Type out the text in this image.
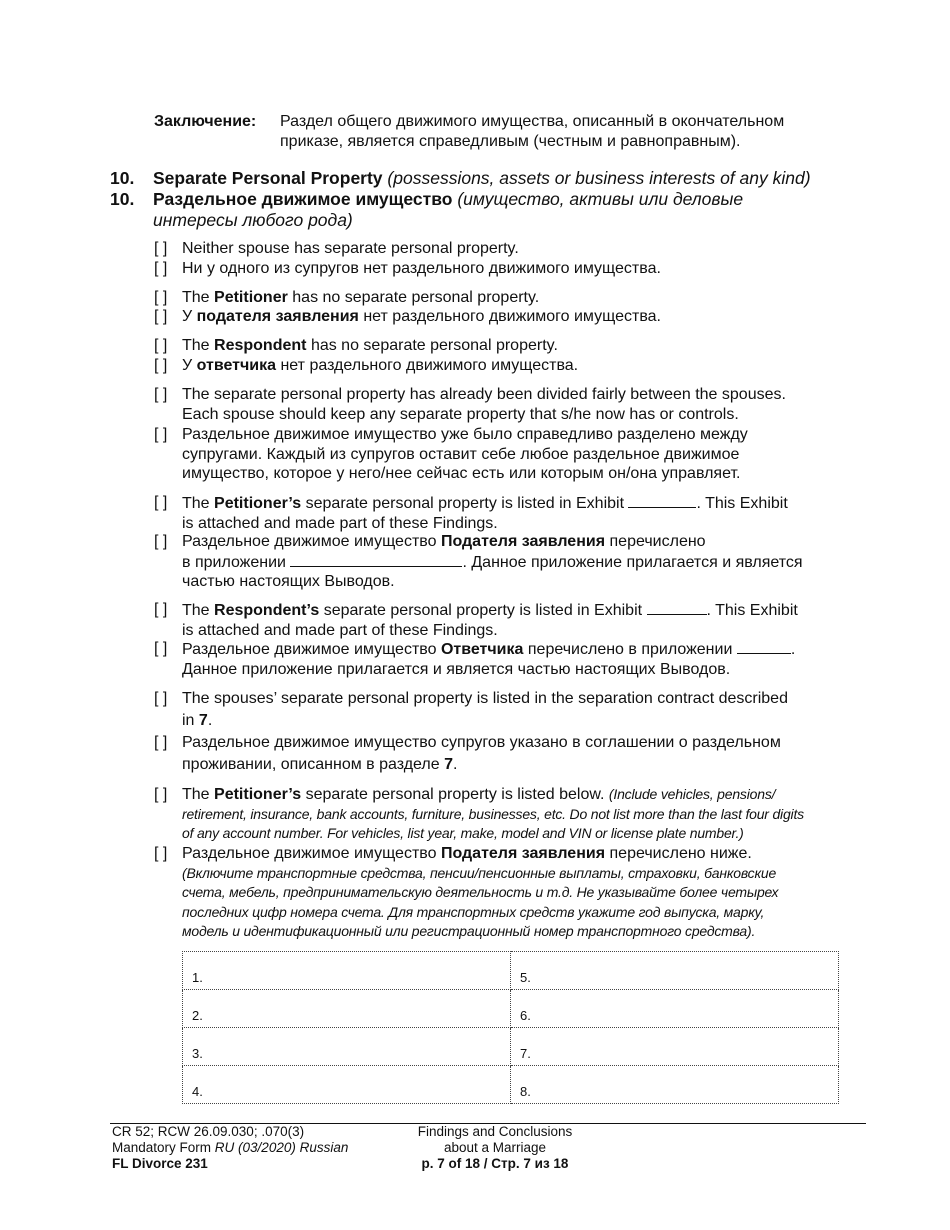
Заключение: Раздел общего движимого имущества, описанный в окончательном
приказе, является справедливым (честным и равноправным).
10. Separate Personal Property (possessions, assets or business interests of any kind)
10. Раздельное движимое имущество (имущество, активы или деловые
интересы любого рода)
[ ] Neither spouse has separate personal property.
[ ] Ни у одного из супругов нет раздельного движимого имущества.
[ ] The Petitioner has no separate personal property.
[ ] У подателя заявления нет раздельного движимого имущества.
[ ] The Respondent has no separate personal property.
[ ] У ответчика нет раздельного движимого имущества.
[ ] The separate personal property has already been divided fairly between the spouses.
Each spouse should keep any separate property that s/he now has or controls.
[ ] Раздельное движимое имущество уже было справедливо разделено между
супругами. Каждый из супругов оставит себе любое раздельное движимое
имущество, которое у него/нее сейчас есть или которым он/она управляет.
[ ] The Petitioner’s separate personal property is listed in Exhibit	. This Exhibit
is attached and made part of these Findings.
[ ] Раздельное движимое имущество Подателя заявления перечислено
в приложении	. Данное приложение прилагается и является
частью настоящих Выводов.
[ ] The Respondent’s separate personal property is listed in Exhibit	. This Exhibit
is attached and made part of these Findings.
[ ] Раздельное движимое имущество Ответчика перечислено в приложении	.
Данное приложение прилагается и является частью настоящих Выводов.
[ ] The spouses’ separate personal property is listed in the separation contract described
in 7.
[ ] Раздельное движимое имущество супругов указано в соглашении о раздельном
проживании, описанном в разделе 7.
[ ] The Petitioner’s separate personal property is listed below. (Include vehicles, pensions/
retirement, insurance, bank accounts, furniture, businesses, etc. Do not list more than the last four digits
of any account number. For vehicles, list year, make, model and VIN or license plate number.)
[ ] Раздельное движимое имущество Подателя заявления перечислено ниже.
(Включите транспортные средства, пенсии/пенсионные выплаты, страховки, банковские
счета, мебель, предпринимательскую деятельность и т.д. Не указывайте более четырех
последних цифр номера счета. Для транспортных средств укажите год выпуска, марку,
модель и идентификационный или регистрационный номер транспортного средства).
1.	5.
2.	6.
3.	7.
4.	8.
CR 52; RCW 26.09.030; .070(3)
Mandatory Form RU (03/2020) Russian
FL Divorce 231
Findings and Conclusions
about a Marriage
p. 7 of 18 / Стр. 7 из 18
